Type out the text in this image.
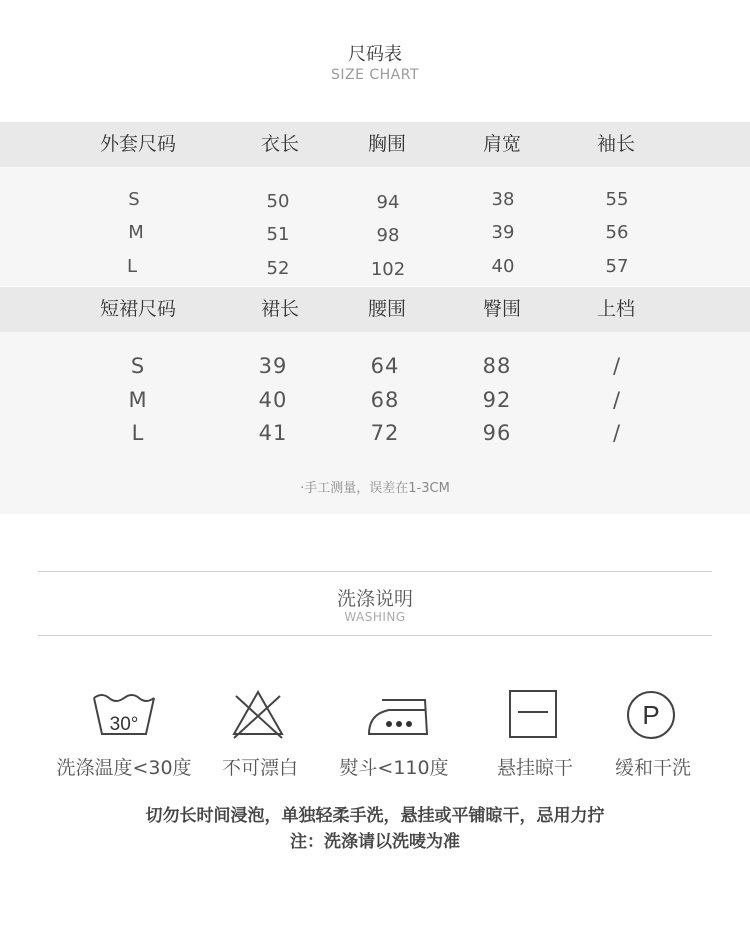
尺码表
SIZE CHART
外套尺码	衣长	胸围	肩宽	袖长
S	50	94	38	55
M	51	98	39	56
L	52	102	40	57
短裙尺码	裙长	腰围	臀围	上档
S	39	64	88	/
M	40	68	92	/
L	41	72	96	/
·手工测量，误差在1-3CM
洗涤说明
WASHING
30°
洗涤温度<30度	不可漂白	熨斗<110度	悬挂晾干
P
缓和干洗
切勿长时间浸泡，单独轻柔手洗，悬挂或平铺晾干，忌用力拧
注：洗涤请以洗唛为准
